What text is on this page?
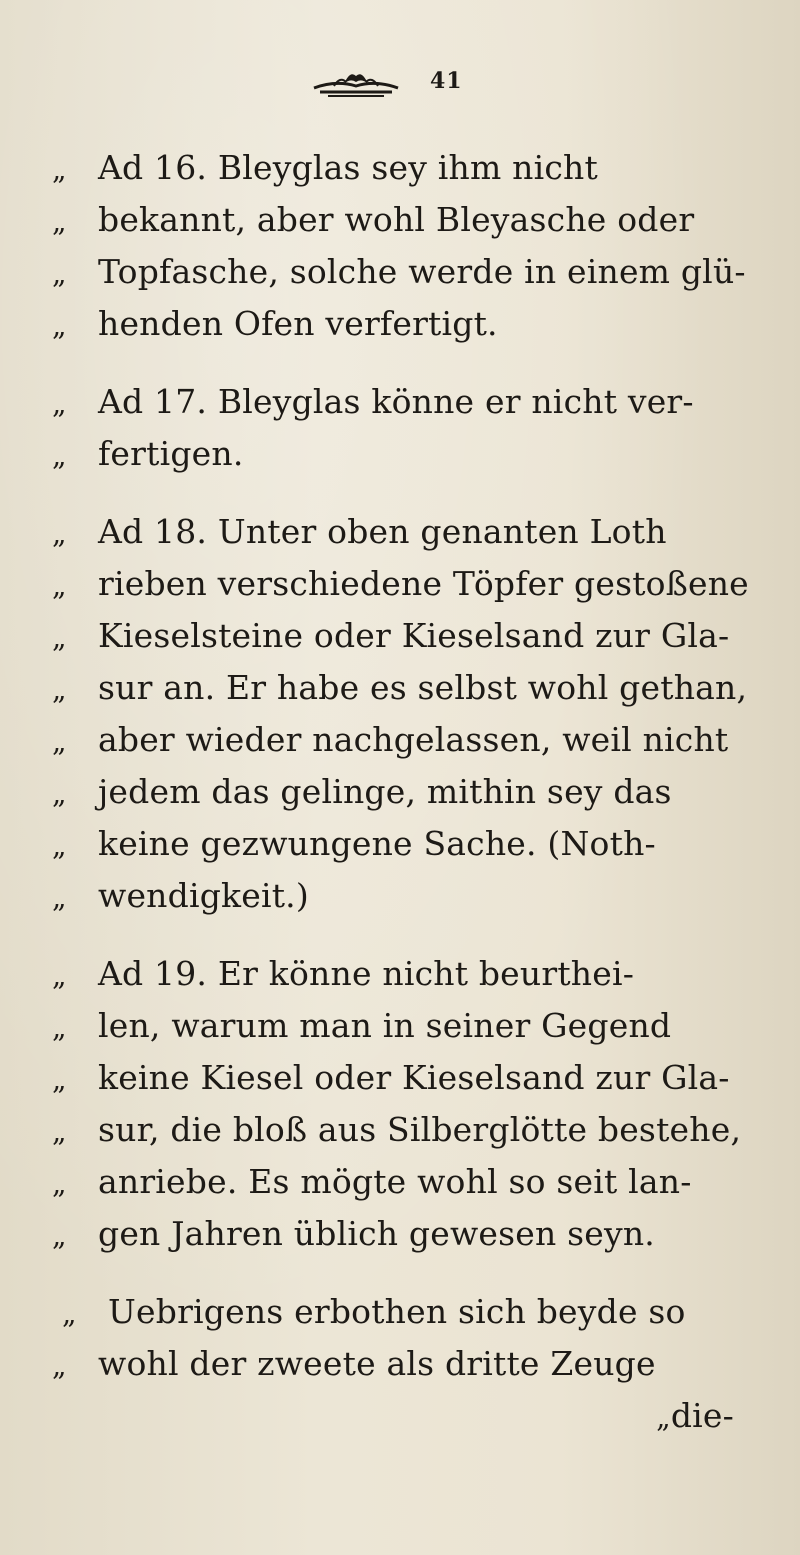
41
„ Ad 16. Bleyglas sey ihm nicht
„ bekannt, aber wohl Bleyasche oder
„ Topfasche, solche werde in einem glü-
„ henden Ofen verfertigt.
„ Ad 17. Bleyglas könne er nicht ver-
„ fertigen.
„ Ad 18. Unter oben genanten Loth
„ rieben verschiedene Töpfer gestoßene
„ Kieselsteine oder Kieselsand zur Gla-
„ sur an. Er habe es selbst wohl gethan,
„ aber wieder nachgelassen, weil nicht
„ jedem das gelinge, mithin sey das
„ keine gezwungene Sache. (Noth-
„ wendigkeit.)
„ Ad 19. Er könne nicht beurthei-
„ len, warum man in seiner Gegend
„ keine Kiesel oder Kieselsand zur Gla-
„ sur, die bloß aus Silberglötte bestehe,
„ anriebe. Es mögte wohl so seit lan-
„ gen Jahren üblich gewesen seyn.
„ Uebrigens erbothen sich beyde so
„ wohl der zweete als dritte Zeuge
„die-
